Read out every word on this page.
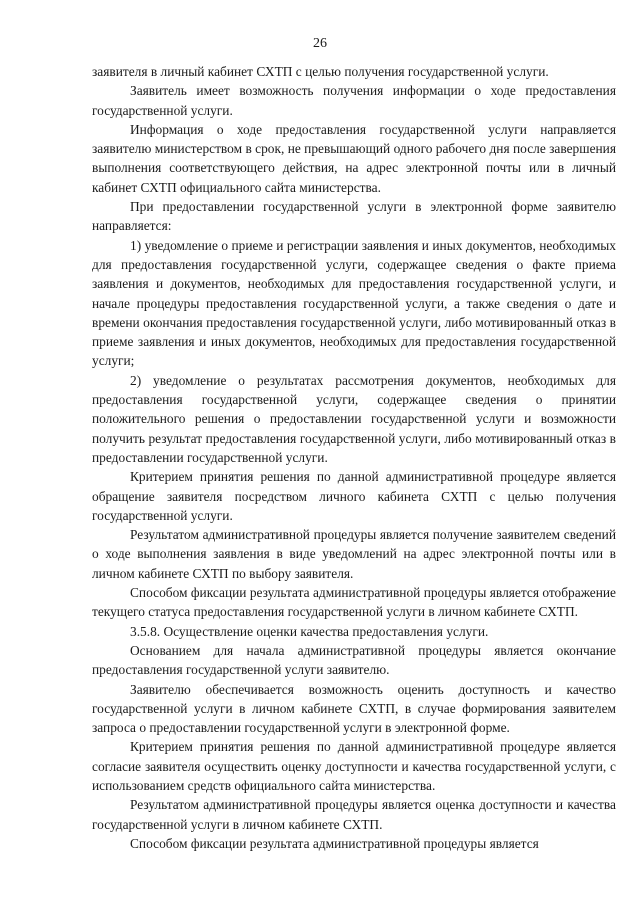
26

заявителя в личный кабинет СХТП с целью получения государственной услуги.

Заявитель имеет возможность получения информации о ходе предоставления государственной услуги.

Информация о ходе предоставления государственной услуги направляется заявителю министерством в срок, не превышающий одного рабочего дня после завершения выполнения соответствующего действия, на адрес электронной почты или в личный кабинет СХТП официального сайта министерства.

При предоставлении государственной услуги в электронной форме заявителю направляется:

1) уведомление о приеме и регистрации заявления и иных документов, необходимых для предоставления государственной услуги, содержащее сведения о факте приема заявления и документов, необходимых для предоставления государственной услуги, и начале процедуры предоставления государственной услуги, а также сведения о дате и времени окончания предоставления государственной услуги, либо мотивированный отказ в приеме заявления и иных документов, необходимых для предоставления государственной услуги;

2) уведомление о результатах рассмотрения документов, необходимых для предоставления государственной услуги, содержащее сведения о принятии положительного решения о предоставлении государственной услуги и возможности получить результат предоставления государственной услуги, либо мотивированный отказ в предоставлении государственной услуги.

Критерием принятия решения по данной административной процедуре является обращение заявителя посредством личного кабинета СХТП с целью получения государственной услуги.

Результатом административной процедуры является получение заявителем сведений о ходе выполнения заявления в виде уведомлений на адрес электронной почты или в личном кабинете СХТП по выбору заявителя.

Способом фиксации результата административной процедуры является отображение текущего статуса предоставления государственной услуги в личном кабинете СХТП.

3.5.8. Осуществление оценки качества предоставления услуги.

Основанием для начала административной процедуры является окончание предоставления государственной услуги заявителю.

Заявителю обеспечивается возможность оценить доступность и качество государственной услуги в личном кабинете СХТП, в случае формирования заявителем запроса о предоставлении государственной услуги в электронной форме.

Критерием принятия решения по данной административной процедуре является согласие заявителя осуществить оценку доступности и качества государственной услуги, с использованием средств официального сайта министерства.

Результатом административной процедуры является оценка доступности и качества государственной услуги в личном кабинете СХТП.

Способом фиксации результата административной процедуры является
